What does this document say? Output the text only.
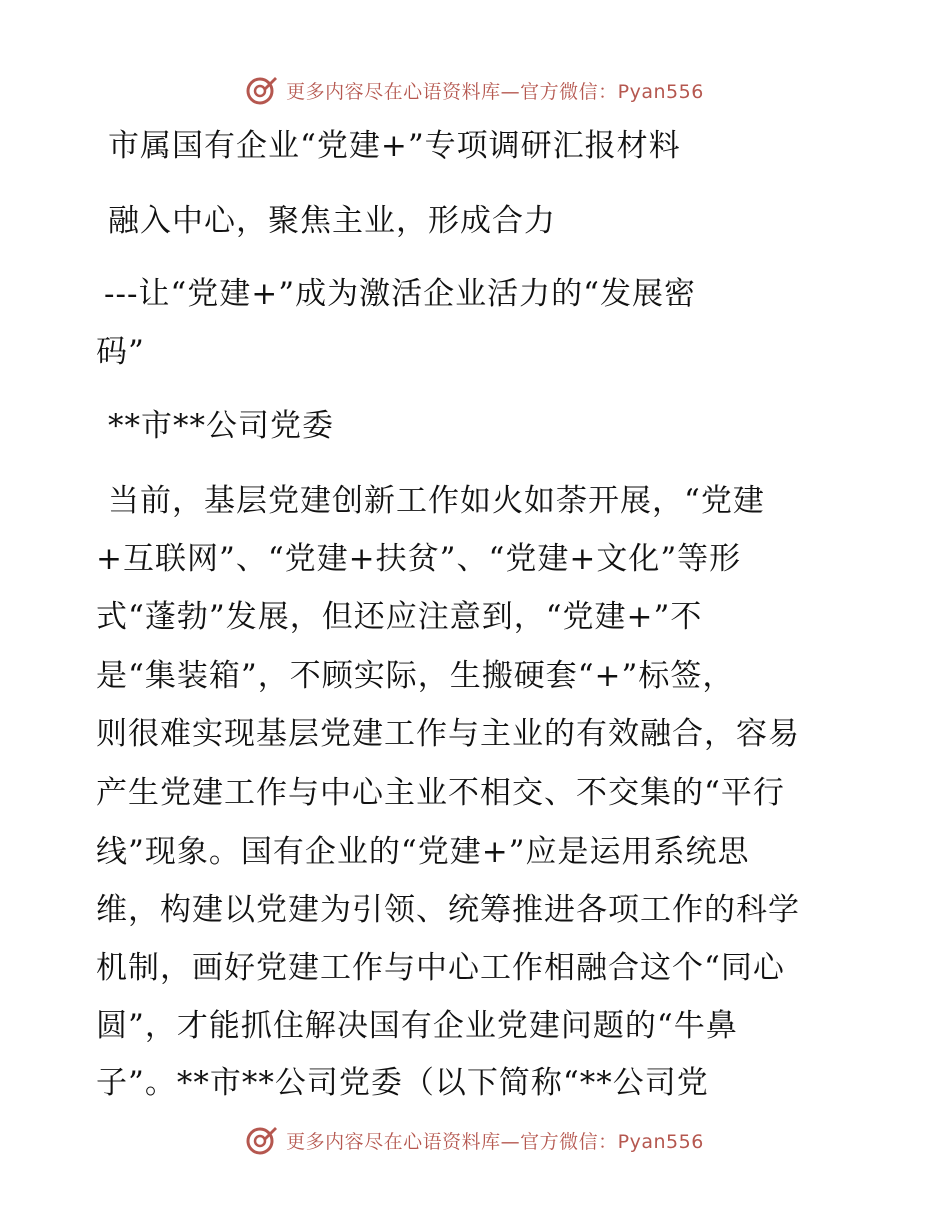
更多内容尽在心语资料库—官方微信：Pyan556
市属国有企业“党建+”专项调研汇报材料
融入中心，聚焦主业，形成合力
---让“党建+”成为激活企业活力的“发展密
码”
**市**公司党委
当前，基层党建创新工作如火如荼开展，“党建
+互联网”、“党建+扶贫”、“党建+文化”等形
式“蓬勃”发展，但还应注意到，“党建+”不
是“集装箱”，不顾实际，生搬硬套“+”标签，
则很难实现基层党建工作与主业的有效融合，容易
产生党建工作与中心主业不相交、不交集的“平行
线”现象。国有企业的“党建+”应是运用系统思
维，构建以党建为引领、统筹推进各项工作的科学
机制，画好党建工作与中心工作相融合这个“同心
圆”，才能抓住解决国有企业党建问题的“牛鼻
子”。**市**公司党委（以下简称“**公司党
更多内容尽在心语资料库—官方微信：Pyan556
